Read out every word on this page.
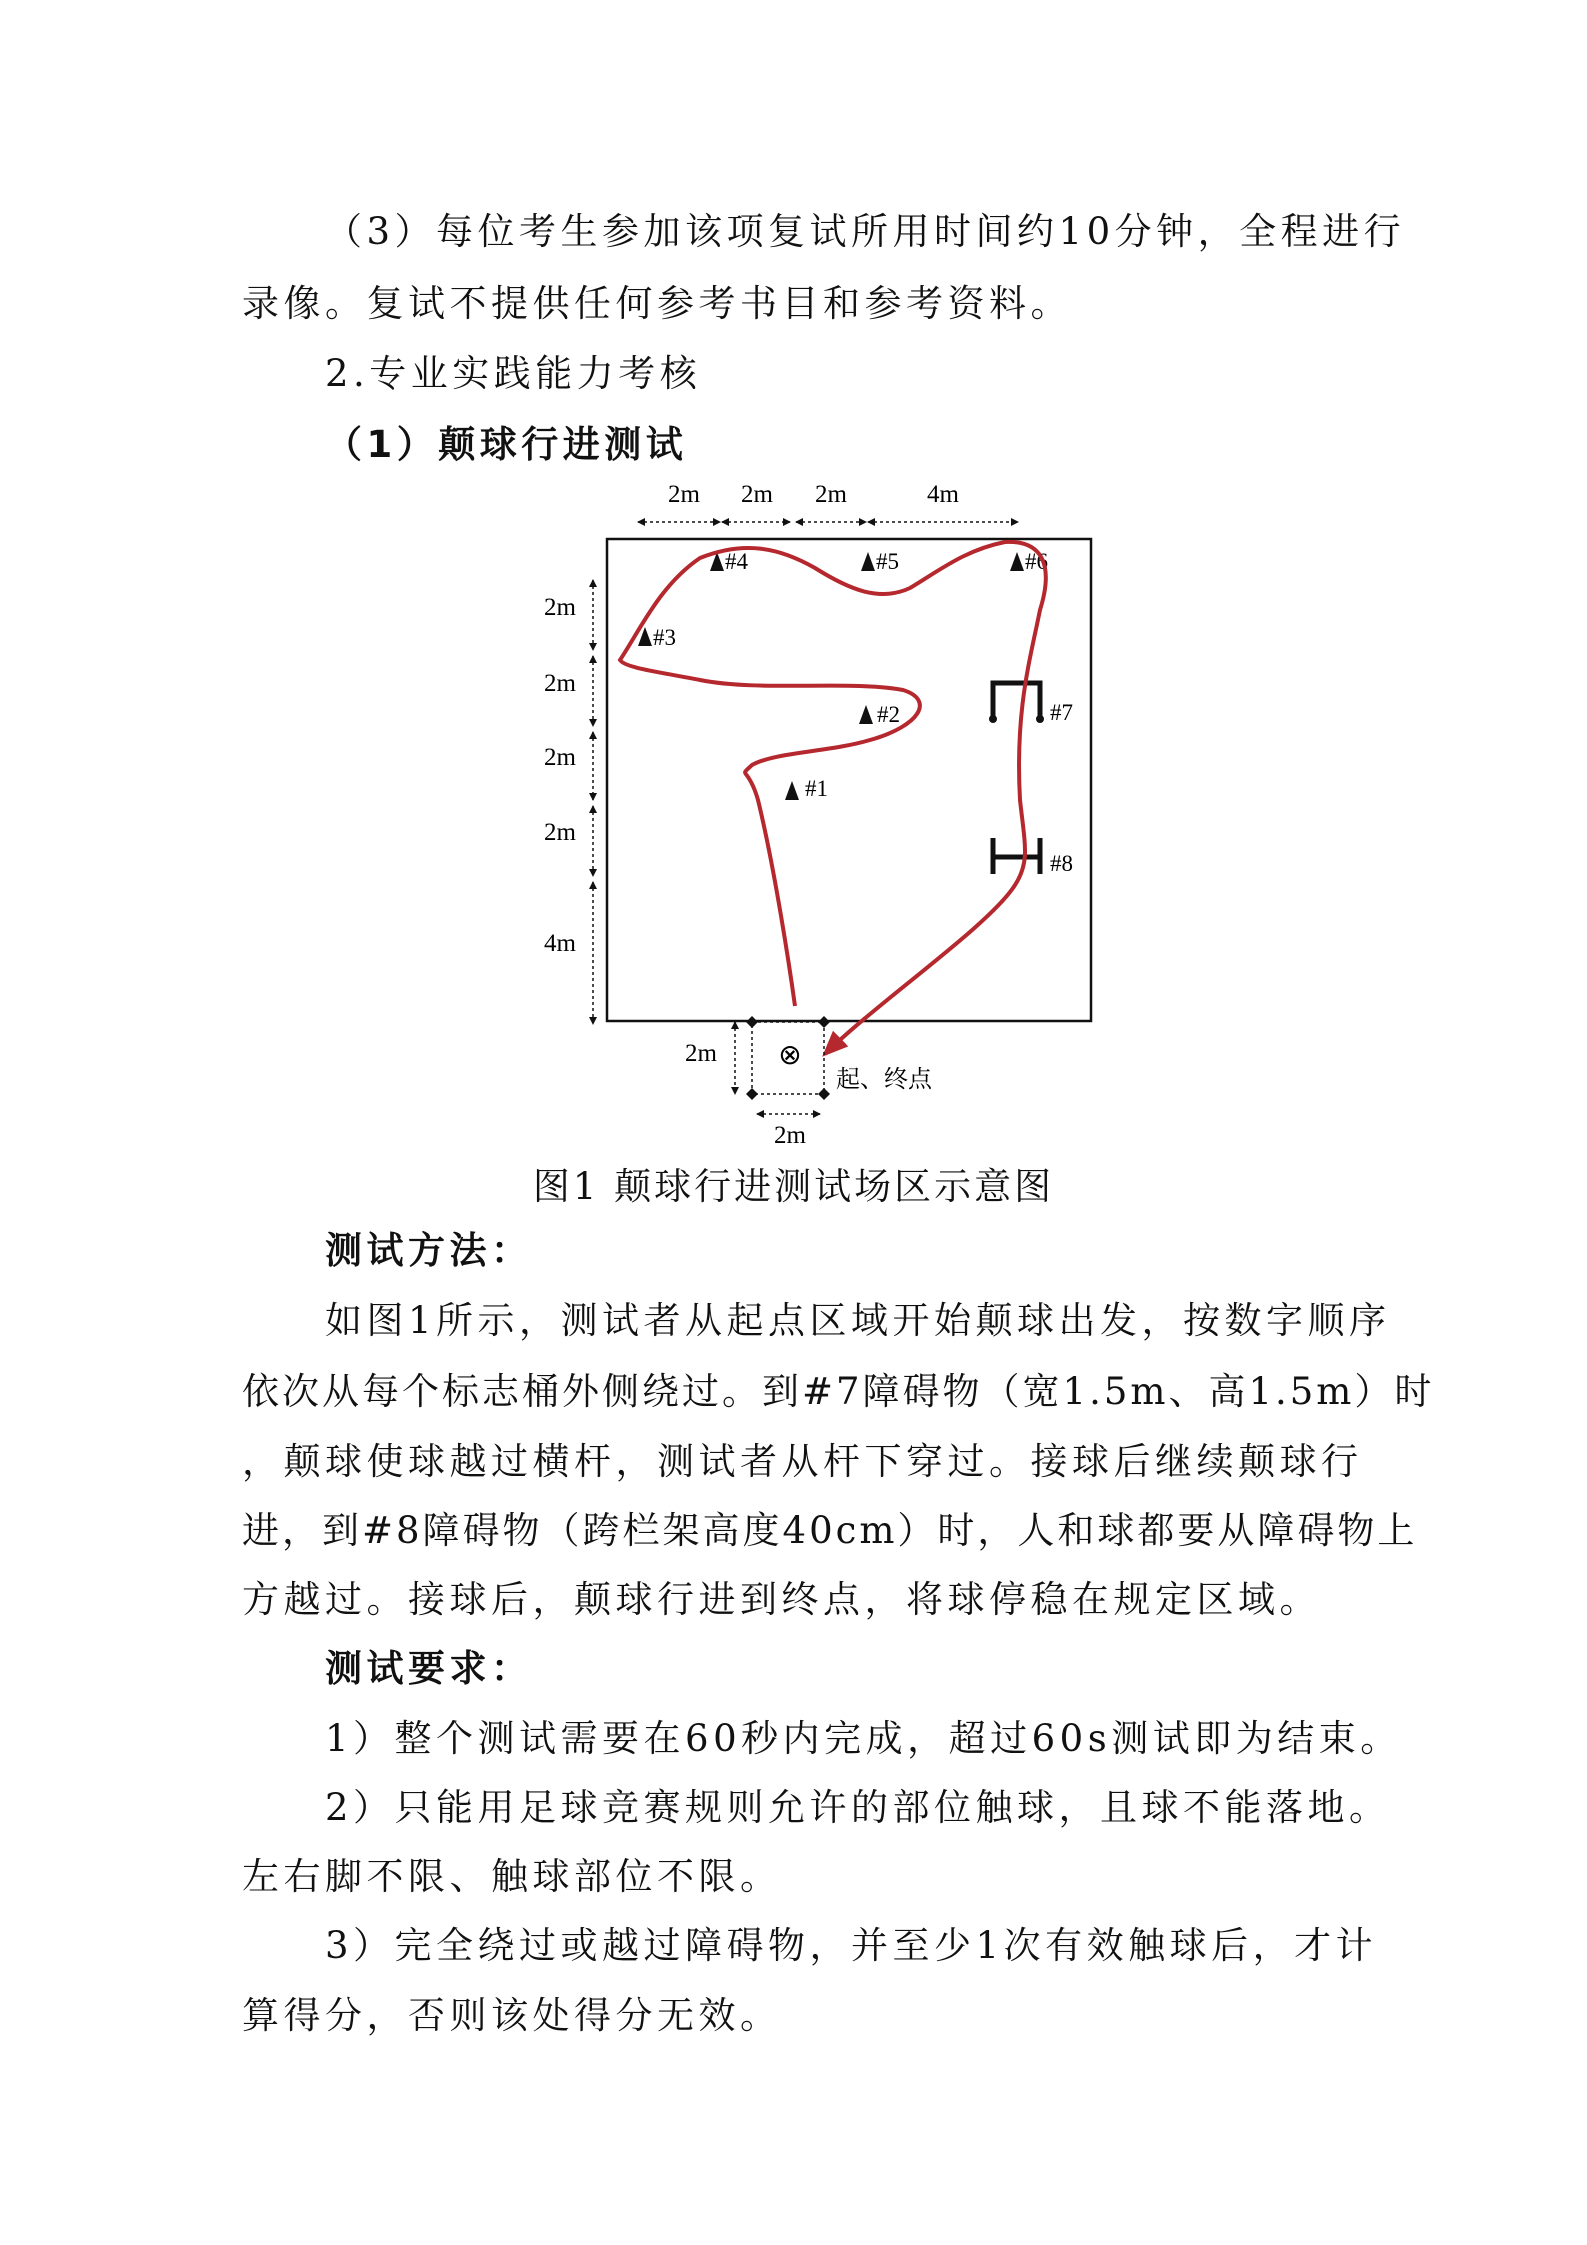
（3）每位考生参加该项复试所用时间约10分钟，全程进行
录像。复试不提供任何参考书目和参考资料。
2.专业实践能力考核
（1）颠球行进测试
2m 2m 2m	4m
2m
2m
2m
2m
4m
#1
#2
#3
#4	#5	#6
#7
#8
⊗
2m
2m
起、终点
图1 颠球行进测试场区示意图
测试方法：
如图1所示，测试者从起点区域开始颠球出发，按数字顺序
依次从每个标志桶外侧绕过。到#7障碍物（宽1.5m、高1.5m）时
，颠球使球越过横杆，测试者从杆下穿过。接球后继续颠球行
进，到#8障碍物（跨栏架高度40cm）时，人和球都要从障碍物上
方越过。接球后，颠球行进到终点，将球停稳在规定区域。
测试要求：
1）整个测试需要在60秒内完成，超过60s测试即为结束。
2）只能用足球竞赛规则允许的部位触球，且球不能落地。
左右脚不限、触球部位不限。
3）完全绕过或越过障碍物，并至少1次有效触球后，才计
算得分，否则该处得分无效。
